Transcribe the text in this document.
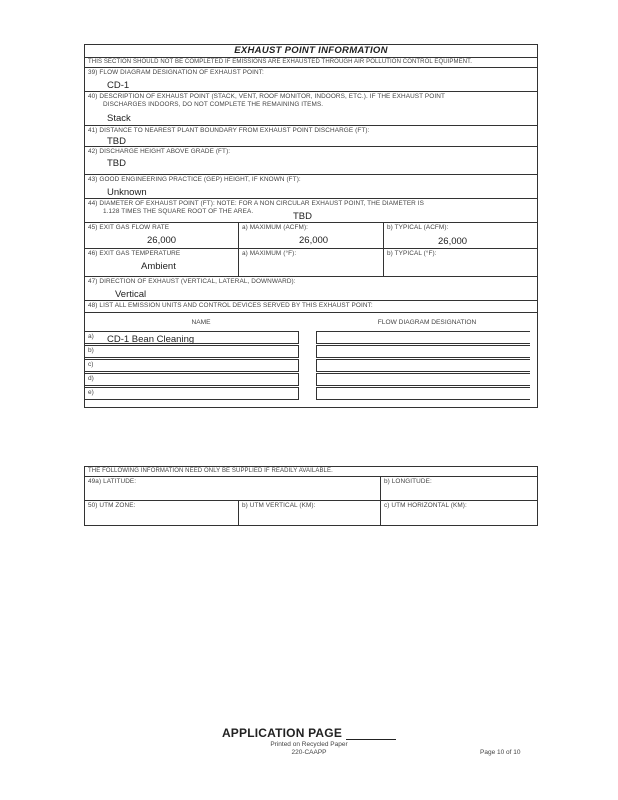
EXHAUST POINT INFORMATION
THIS SECTION SHOULD NOT BE COMPLETED IF EMISSIONS ARE EXHAUSTED THROUGH AIR POLLUTION CONTROL EQUIPMENT.
39) FLOW DIAGRAM DESIGNATION OF EXHAUST POINT:
CD-1
40) DESCRIPTION OF EXHAUST POINT (STACK, VENT, ROOF MONITOR, INDOORS, ETC.). IF THE EXHAUST POINT
DISCHARGES INDOORS, DO NOT COMPLETE THE REMAINING ITEMS.
Stack
41) DISTANCE TO NEAREST PLANT BOUNDARY FROM EXHAUST POINT DISCHARGE (FT):
TBD
42) DISCHARGE HEIGHT ABOVE GRADE (FT):
TBD
43) GOOD ENGINEERING PRACTICE (GEP) HEIGHT, IF KNOWN (FT):
Unknown
44) DIAMETER OF EXHAUST POINT (FT): NOTE: FOR A NON CIRCULAR EXHAUST POINT, THE DIAMETER IS
1.128 TIMES THE SQUARE ROOT OF THE AREA.	TBD
45) EXIT GAS FLOW RATE
26,000
a) MAXIMUM (ACFM):
26,000
b) TYPICAL (ACFM):
26,000
46) EXIT GAS TEMPERATURE
Ambient
a) MAXIMUM (°F):	b) TYPICAL (°F):
47) DIRECTION OF EXHAUST (VERTICAL, LATERAL, DOWNWARD):
Vertical
48) LIST ALL EMISSION UNITS AND CONTROL DEVICES SERVED BY THIS EXHAUST POINT:
NAME	FLOW DIAGRAM DESIGNATION
a) CD-1 Bean Cleaning
b)
c)
d)
e)
THE FOLLOWING INFORMATION NEED ONLY BE SUPPLIED IF READILY AVAILABLE.
49a) LATITUDE:	b) LONGITUDE:
50) UTM ZONE:	b) UTM VERTICAL (KM):	c) UTM HORIZONTAL (KM):
APPLICATION PAGE
Printed on Recycled Paper
220-CAAPP	Page 10 of 10
